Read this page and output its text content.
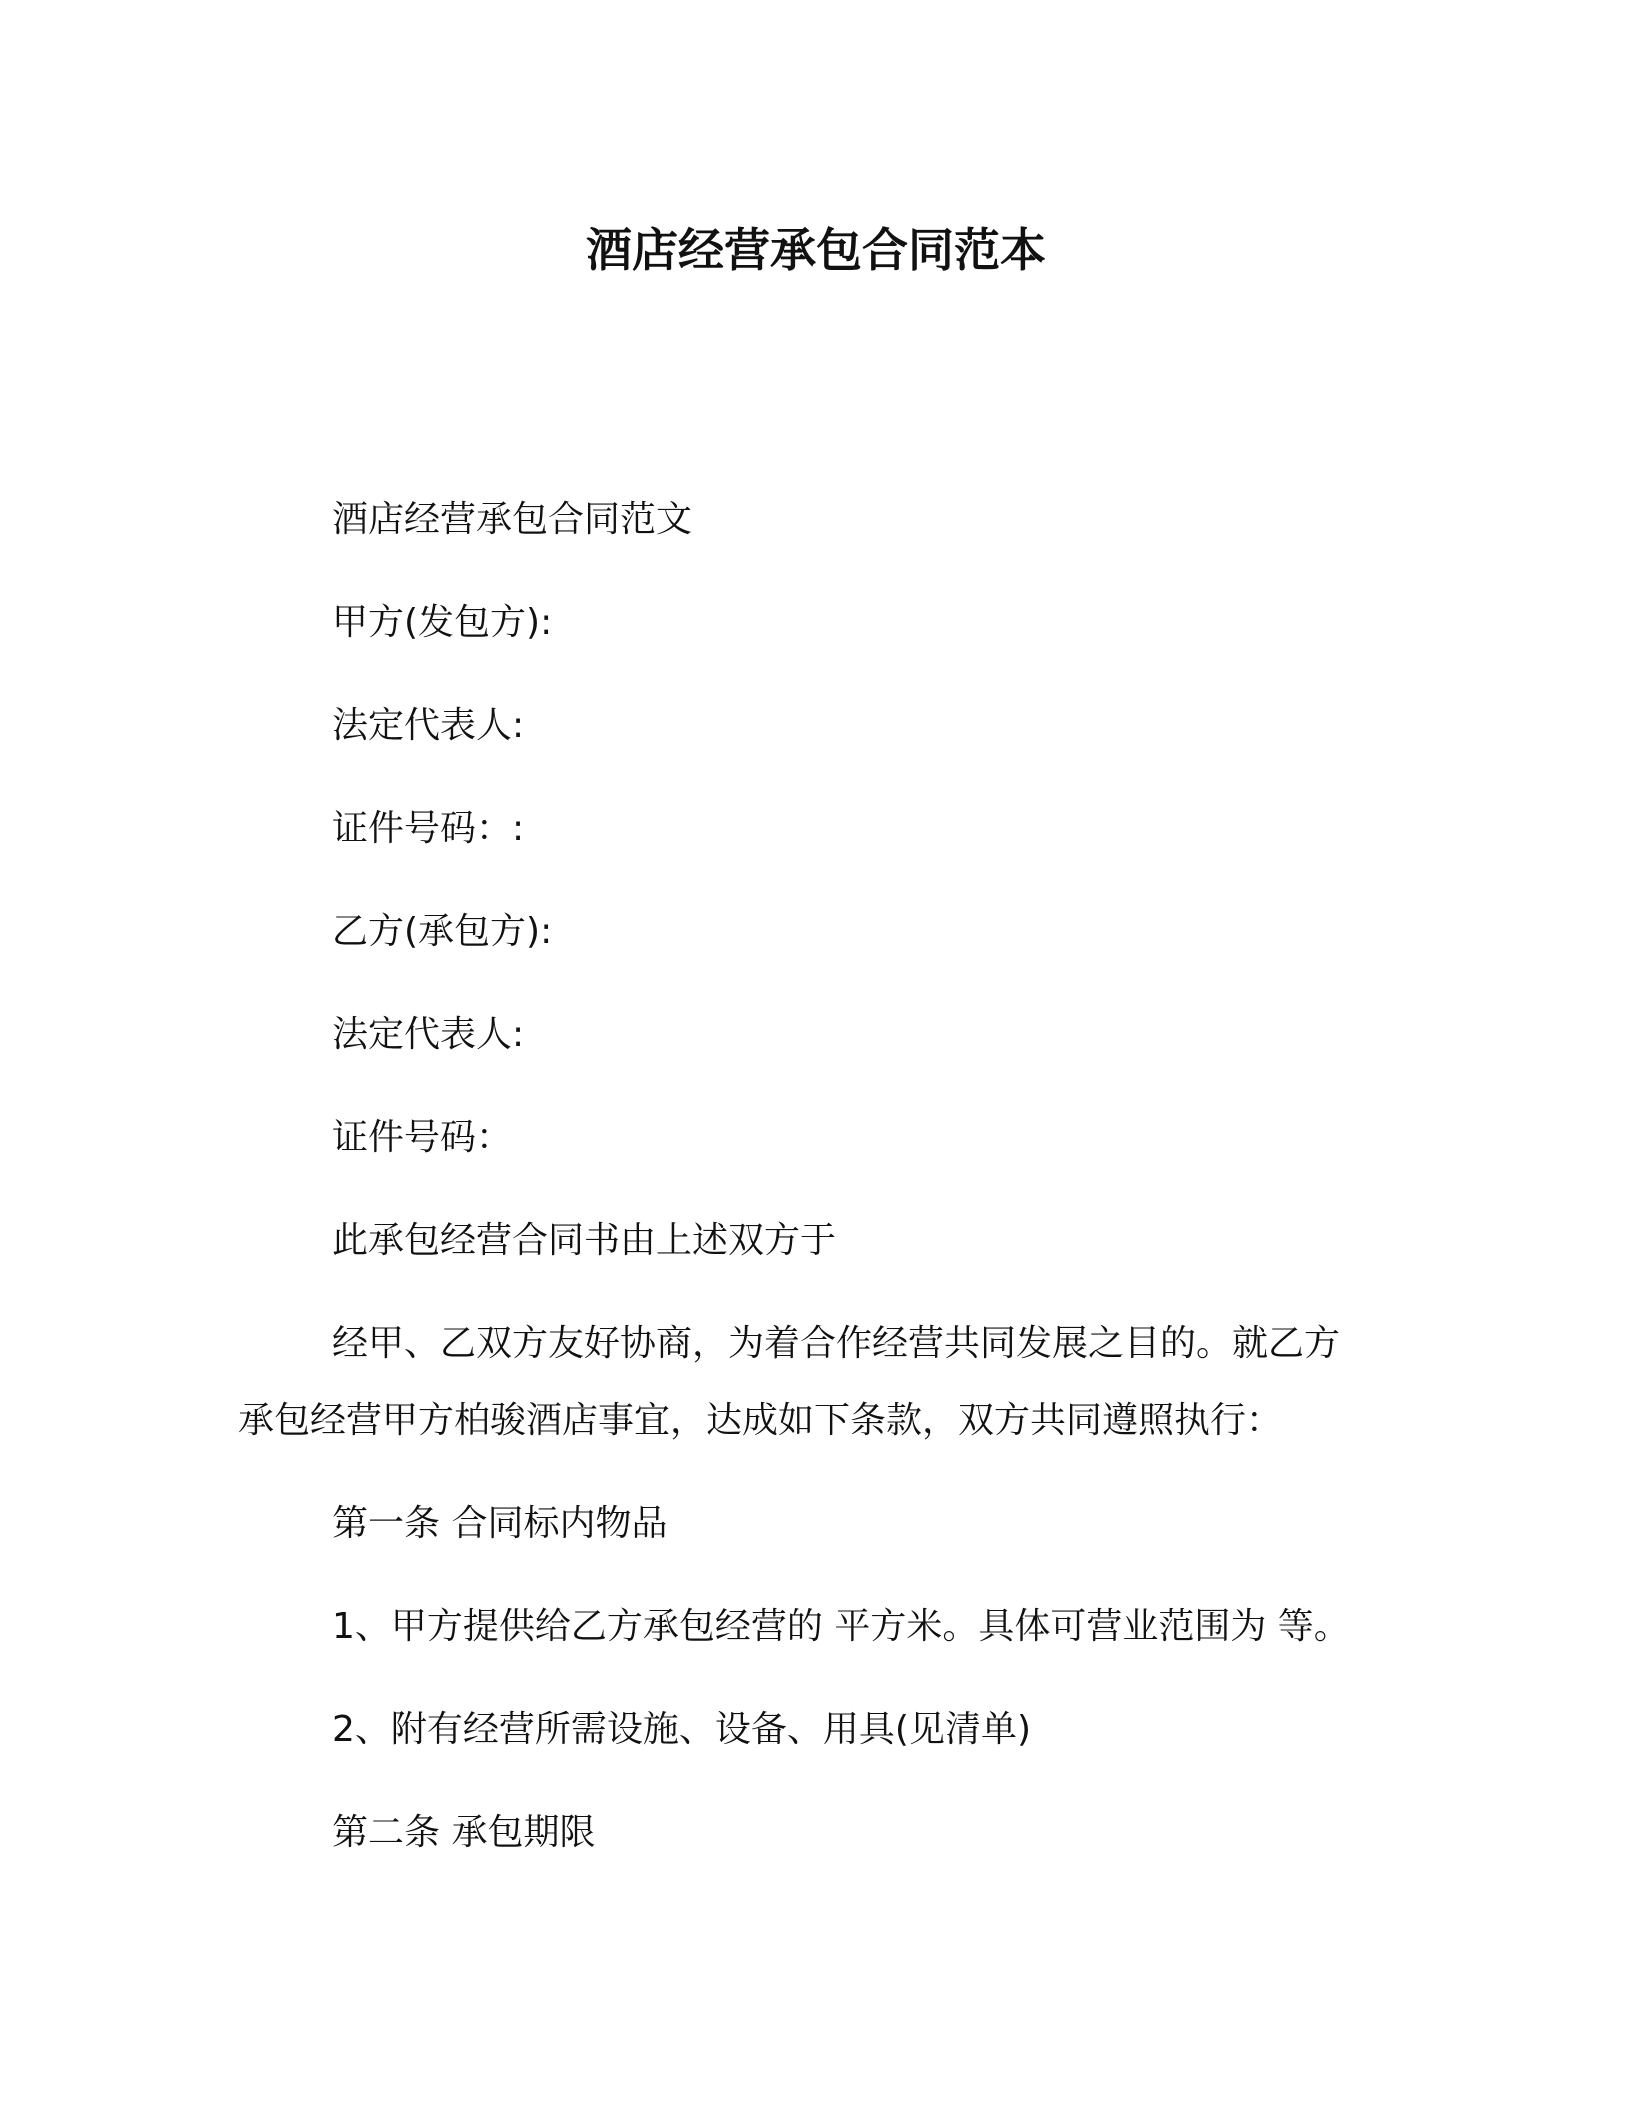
酒店经营承包合同范本
酒店经营承包合同范文
甲方(发包方):
法定代表人:
证件号码：:
乙方(承包方):
法定代表人:
证件号码：
此承包经营合同书由上述双方于
经甲、乙双方友好协商，为着合作经营共同发展之目的。就乙方
承包经营甲方柏骏酒店事宜，达成如下条款，双方共同遵照执行：
第一条 合同标内物品
1、甲方提供给乙方承包经营的 平方米。具体可营业范围为 等。
2、附有经营所需设施、设备、用具(见清单)
第二条 承包期限
